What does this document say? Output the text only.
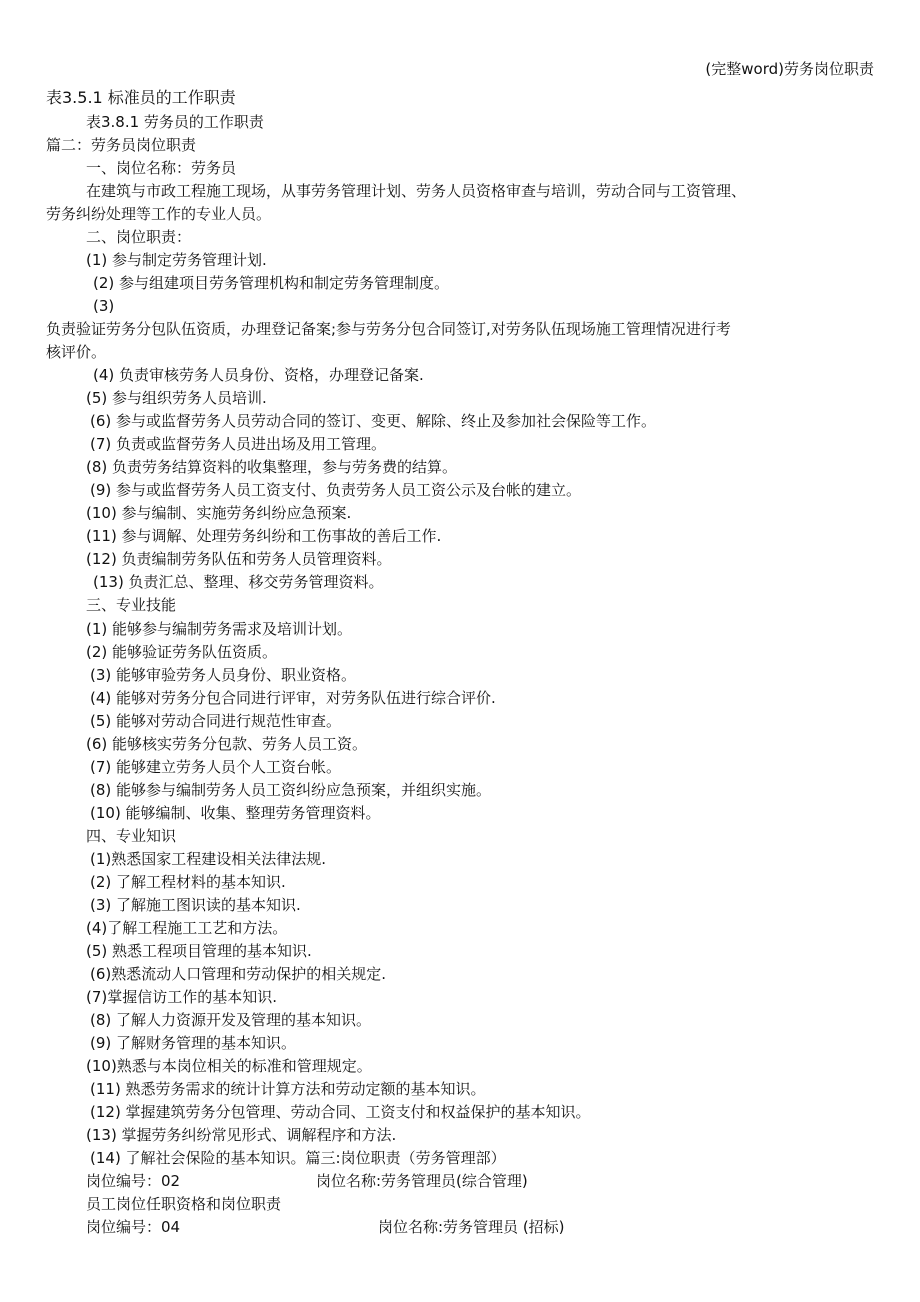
(完整word)劳务岗位职责
表3.5.1 标准员的工作职责
表3.8.1 劳务员的工作职责
篇二：劳务员岗位职责
一、岗位名称：劳务员
在建筑与市政工程施工现场，从事劳务管理计划、劳务人员资格审查与培训，劳动合同与工资管理、
劳务纠纷处理等工作的专业人员。
二、岗位职责：
(1) 参与制定劳务管理计划.
(2) 参与组建项目劳务管理机构和制定劳务管理制度。
(3)
负责验证劳务分包队伍资质，办理登记备案;参与劳务分包合同签订,对劳务队伍现场施工管理情况进行考
核评价。
(4) 负责审核劳务人员身份、资格，办理登记备案.
(5) 参与组织劳务人员培训.
(6) 参与或监督劳务人员劳动合同的签订、变更、解除、终止及参加社会保险等工作。
(7) 负责或监督劳务人员进出场及用工管理。
(8) 负责劳务结算资料的收集整理，参与劳务费的结算。
(9) 参与或监督劳务人员工资支付、负责劳务人员工资公示及台帐的建立。
(10) 参与编制、实施劳务纠纷应急预案.
(11) 参与调解、处理劳务纠纷和工伤事故的善后工作.
(12) 负责编制劳务队伍和劳务人员管理资料。
(13) 负责汇总、整理、移交劳务管理资料。
三、专业技能
(1) 能够参与编制劳务需求及培训计划。
(2) 能够验证劳务队伍资质。
(3) 能够审验劳务人员身份、职业资格。
(4) 能够对劳务分包合同进行评审，对劳务队伍进行综合评价.
(5) 能够对劳动合同进行规范性审查。
(6) 能够核实劳务分包款、劳务人员工资。
(7) 能够建立劳务人员个人工资台帐。
(8) 能够参与编制劳务人员工资纠纷应急预案，并组织实施。
(10) 能够编制、收集、整理劳务管理资料。
四、专业知识
(1)熟悉国家工程建设相关法律法规.
(2) 了解工程材料的基本知识.
(3) 了解施工图识读的基本知识.
(4)了解工程施工工艺和方法。
(5) 熟悉工程项目管理的基本知识.
(6)熟悉流动人口管理和劳动保护的相关规定.
(7)掌握信访工作的基本知识.
(8) 了解人力资源开发及管理的基本知识。
(9) 了解财务管理的基本知识。
(10)熟悉与本岗位相关的标准和管理规定。
(11) 熟悉劳务需求的统计计算方法和劳动定额的基本知识。
(12) 掌握建筑劳务分包管理、劳动合同、工资支付和权益保护的基本知识。
(13) 掌握劳务纠纷常见形式、调解程序和方法.
(14) 了解社会保险的基本知识。篇三:岗位职责（劳务管理部）
岗位编号：02	岗位名称:劳务管理员(综合管理)
员工岗位任职资格和岗位职责
岗位编号：04	岗位名称:劳务管理员 (招标)
